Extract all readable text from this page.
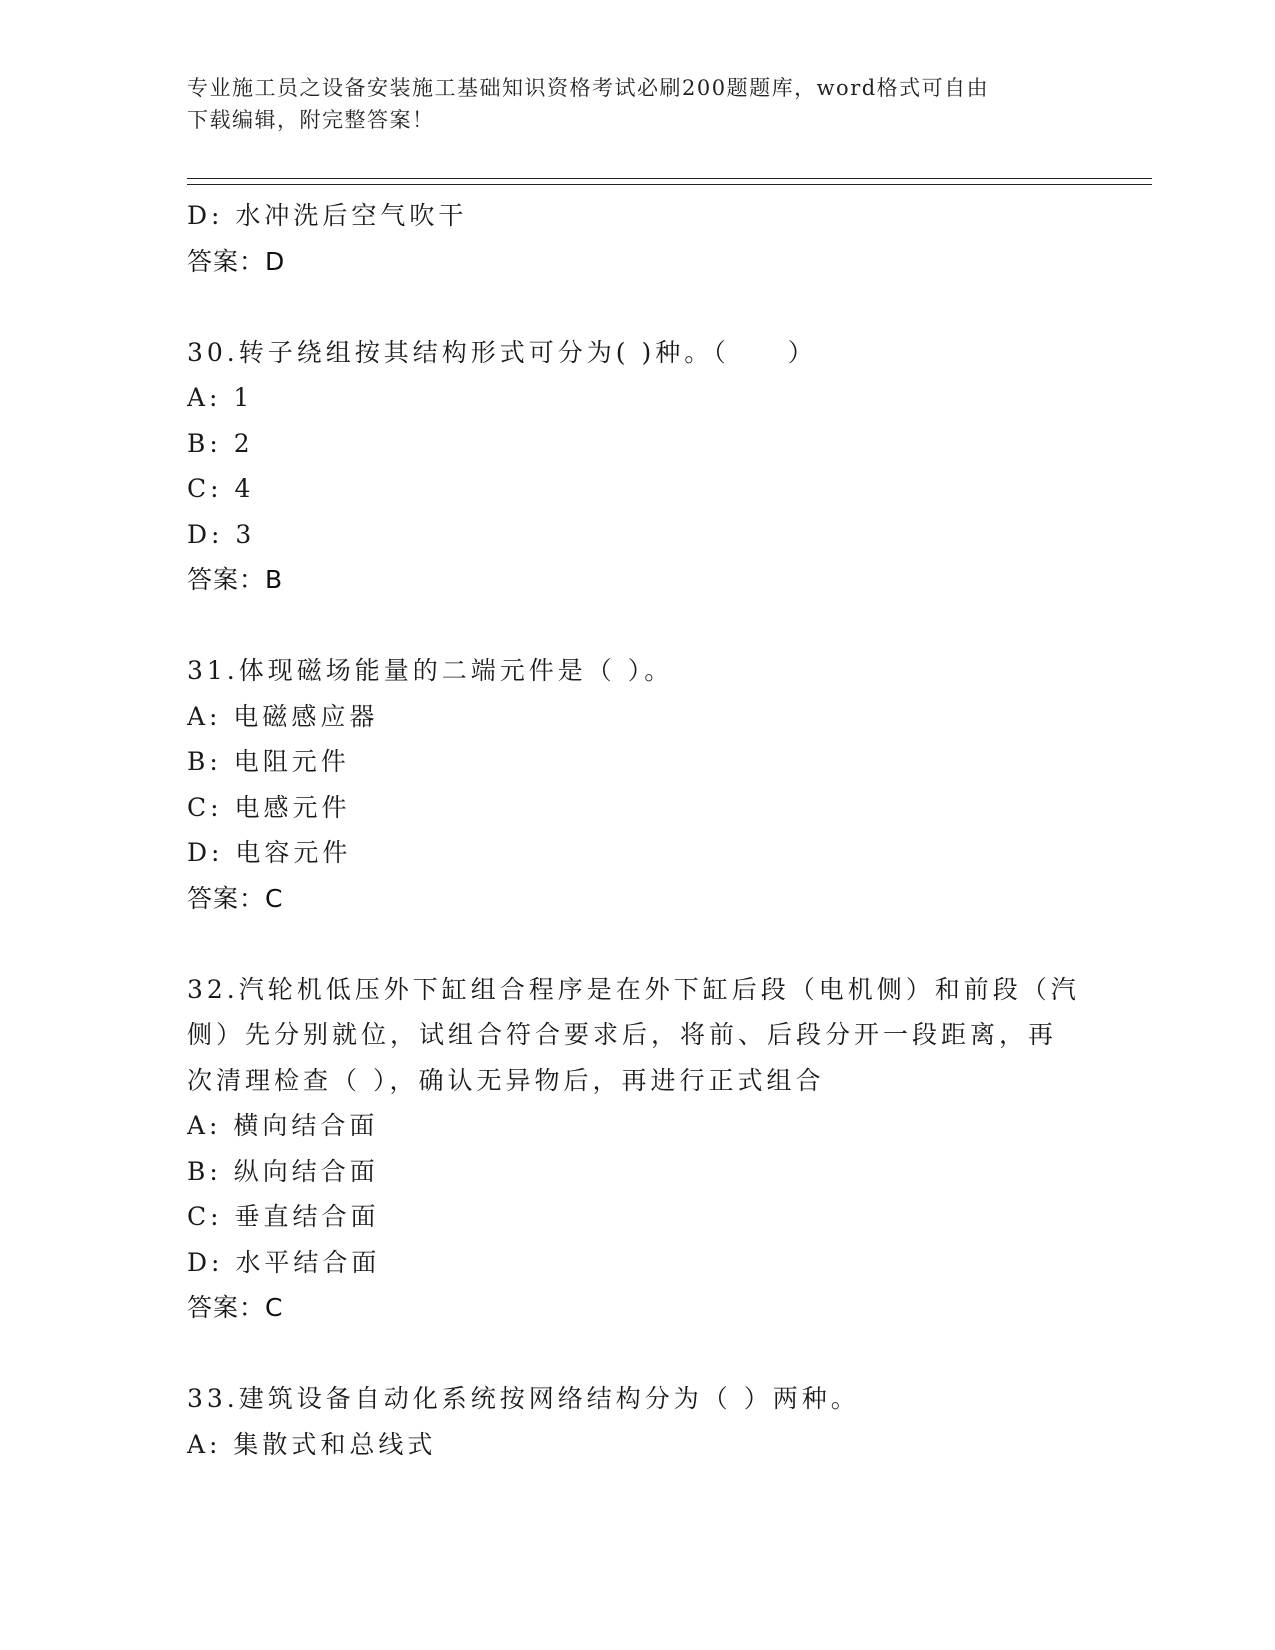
专业施工员之设备安装施工基础知识资格考试必刷200题题库，word格式可自由
下载编辑，附完整答案！
D: 水冲洗后空气吹干
答案：D
30.转子绕组按其结构形式可分为( )种。（　　）
A: 1
B: 2
C: 4
D: 3
答案：B
31.体现磁场能量的二端元件是（ ）。
A: 电磁感应器
B: 电阻元件
C: 电感元件
D: 电容元件
答案：C
32.汽轮机低压外下缸组合程序是在外下缸后段（电机侧）和前段（汽
侧）先分别就位，试组合符合要求后，将前、后段分开一段距离，再
次清理检查（ ），确认无异物后，再进行正式组合
A: 横向结合面
B: 纵向结合面
C: 垂直结合面
D: 水平结合面
答案：C
33.建筑设备自动化系统按网络结构分为（ ）两种。
A: 集散式和总线式
